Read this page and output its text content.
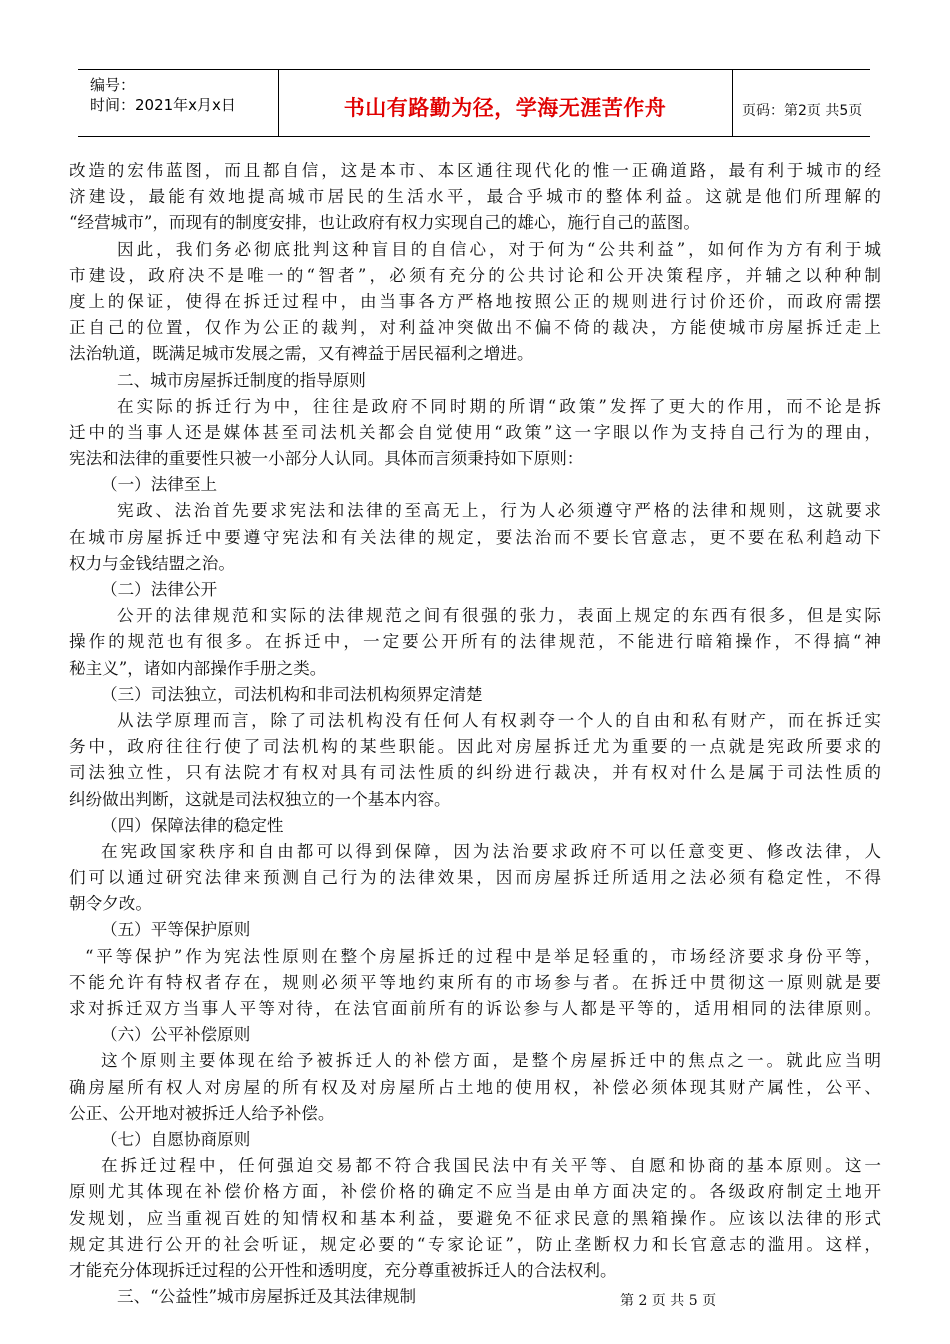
编号：
时间：2021年x月x日	书山有路勤为径，学海无涯苦作舟	页码：第2页 共5页
改造的宏伟蓝图，而且都自信，这是本市、本区通往现代化的惟一正确道路，最有利于城市的经
济建设，最能有效地提高城市居民的生活水平，最合乎城市的整体利益。这就是他们所理解的
“经营城市”，而现有的制度安排，也让政府有权力实现自己的雄心，施行自己的蓝图。
因此，我们务必彻底批判这种盲目的自信心，对于何为“公共利益”，如何作为方有利于城
市建设，政府决不是唯一的“智者”，必须有充分的公共讨论和公开决策程序，并辅之以种种制
度上的保证，使得在拆迁过程中，由当事各方严格地按照公正的规则进行讨价还价，而政府需摆
正自己的位置，仅作为公正的裁判，对利益冲突做出不偏不倚的裁决，方能使城市房屋拆迁走上
法治轨道，既满足城市发展之需，又有裨益于居民福利之增进。
二、城市房屋拆迁制度的指导原则
在实际的拆迁行为中，往往是政府不同时期的所谓“政策”发挥了更大的作用，而不论是拆
迁中的当事人还是媒体甚至司法机关都会自觉使用“政策”这一字眼以作为支持自己行为的理由，
宪法和法律的重要性只被一小部分人认同。具体而言须秉持如下原则：
（一）法律至上
宪政、法治首先要求宪法和法律的至高无上，行为人必须遵守严格的法律和规则，这就要求
在城市房屋拆迁中要遵守宪法和有关法律的规定，要法治而不要长官意志，更不要在私利趋动下
权力与金钱结盟之治。
（二）法律公开
公开的法律规范和实际的法律规范之间有很强的张力，表面上规定的东西有很多，但是实际
操作的规范也有很多。在拆迁中，一定要公开所有的法律规范，不能进行暗箱操作，不得搞“神
秘主义”，诸如内部操作手册之类。
（三）司法独立，司法机构和非司法机构须界定清楚
从法学原理而言，除了司法机构没有任何人有权剥夺一个人的自由和私有财产，而在拆迁实
务中，政府往往行使了司法机构的某些职能。因此对房屋拆迁尤为重要的一点就是宪政所要求的
司法独立性，只有法院才有权对具有司法性质的纠纷进行裁决，并有权对什么是属于司法性质的
纠纷做出判断，这就是司法权独立的一个基本内容。
（四）保障法律的稳定性
在宪政国家秩序和自由都可以得到保障，因为法治要求政府不可以任意变更、修改法律，人
们可以通过研究法律来预测自己行为的法律效果，因而房屋拆迁所适用之法必须有稳定性，不得
朝令夕改。
（五）平等保护原则
“平等保护”作为宪法性原则在整个房屋拆迁的过程中是举足轻重的，市场经济要求身份平等，
不能允许有特权者存在，规则必须平等地约束所有的市场参与者。在拆迁中贯彻这一原则就是要
求对拆迁双方当事人平等对待，在法官面前所有的诉讼参与人都是平等的，适用相同的法律原则。
（六）公平补偿原则
这个原则主要体现在给予被拆迁人的补偿方面，是整个房屋拆迁中的焦点之一。就此应当明
确房屋所有权人对房屋的所有权及对房屋所占土地的使用权，补偿必须体现其财产属性，公平、
公正、公开地对被拆迁人给予补偿。
（七）自愿协商原则
在拆迁过程中，任何强迫交易都不符合我国民法中有关平等、自愿和协商的基本原则。这一
原则尤其体现在补偿价格方面，补偿价格的确定不应当是由单方面决定的。各级政府制定土地开
发规划，应当重视百姓的知情权和基本利益，要避免不征求民意的黑箱操作。应该以法律的形式
规定其进行公开的社会听证，规定必要的“专家论证”，防止垄断权力和长官意志的滥用。这样，
才能充分体现拆迁过程的公开性和透明度，充分尊重被拆迁人的合法权利。
三、“公益性”城市房屋拆迁及其法律规制	第 2 页 共 5 页
